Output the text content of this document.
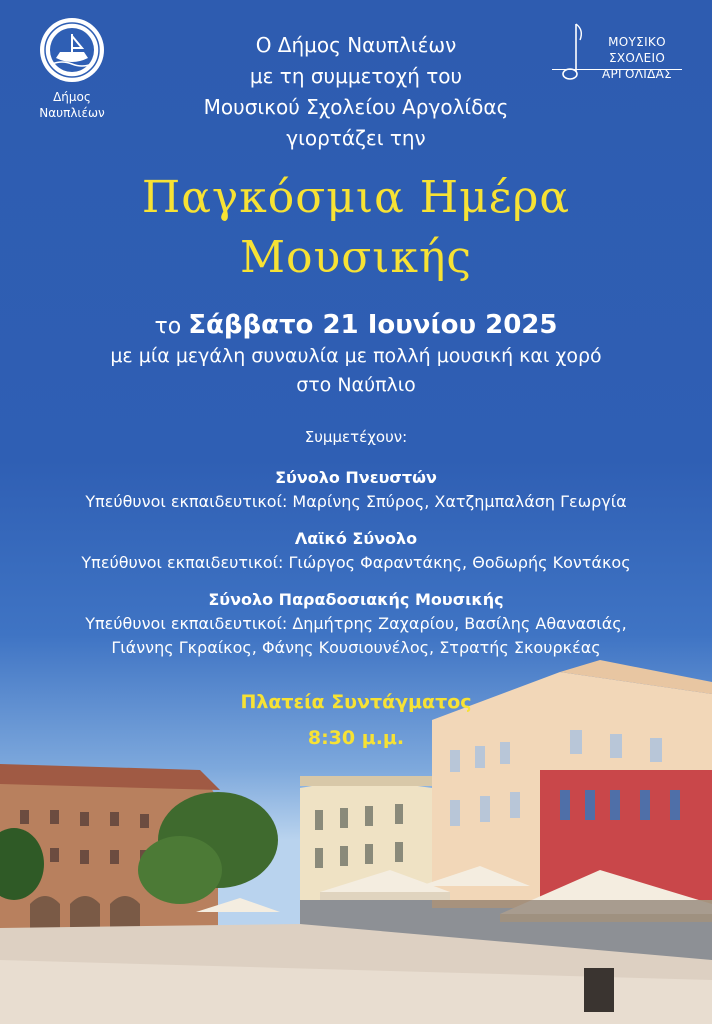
Δήμος
Ναυπλιέων
ΜΟΥΣΙΚΟ
ΣΧΟΛΕΙΟ
ΑΡΓΟΛΙΔΑΣ
Ο Δήμος Ναυπλιέων
με τη συμμετοχή του
Μουσικού Σχολείου Αργολίδας
γιορτάζει την
Παγκόσμια Ημέρα
Μουσικής
το Σάββατο 21 Ιουνίου 2025
με μία μεγάλη συναυλία με πολλή μουσική και χορό
στο Ναύπλιο
Συμμετέχουν:
Σύνολο Πνευστών
Υπεύθυνοι εκπαιδευτικοί: Μαρίνης Σπύρος, Χατζημπαλάση Γεωργία
Λαϊκό Σύνολο
Υπεύθυνοι εκπαιδευτικοί: Γιώργος Φαραντάκης, Θοδωρής Κοντάκος
Σύνολο Παραδοσιακής Μουσικής
Υπεύθυνοι εκπαιδευτικοί: Δημήτρης Ζαχαρίου, Βασίλης Αθανασιάς,
Γιάννης Γκραίκος, Φάνης Κουσιουνέλος, Στρατής Σκουρκέας
Πλατεία Συντάγματος
8:30 μ.μ.
